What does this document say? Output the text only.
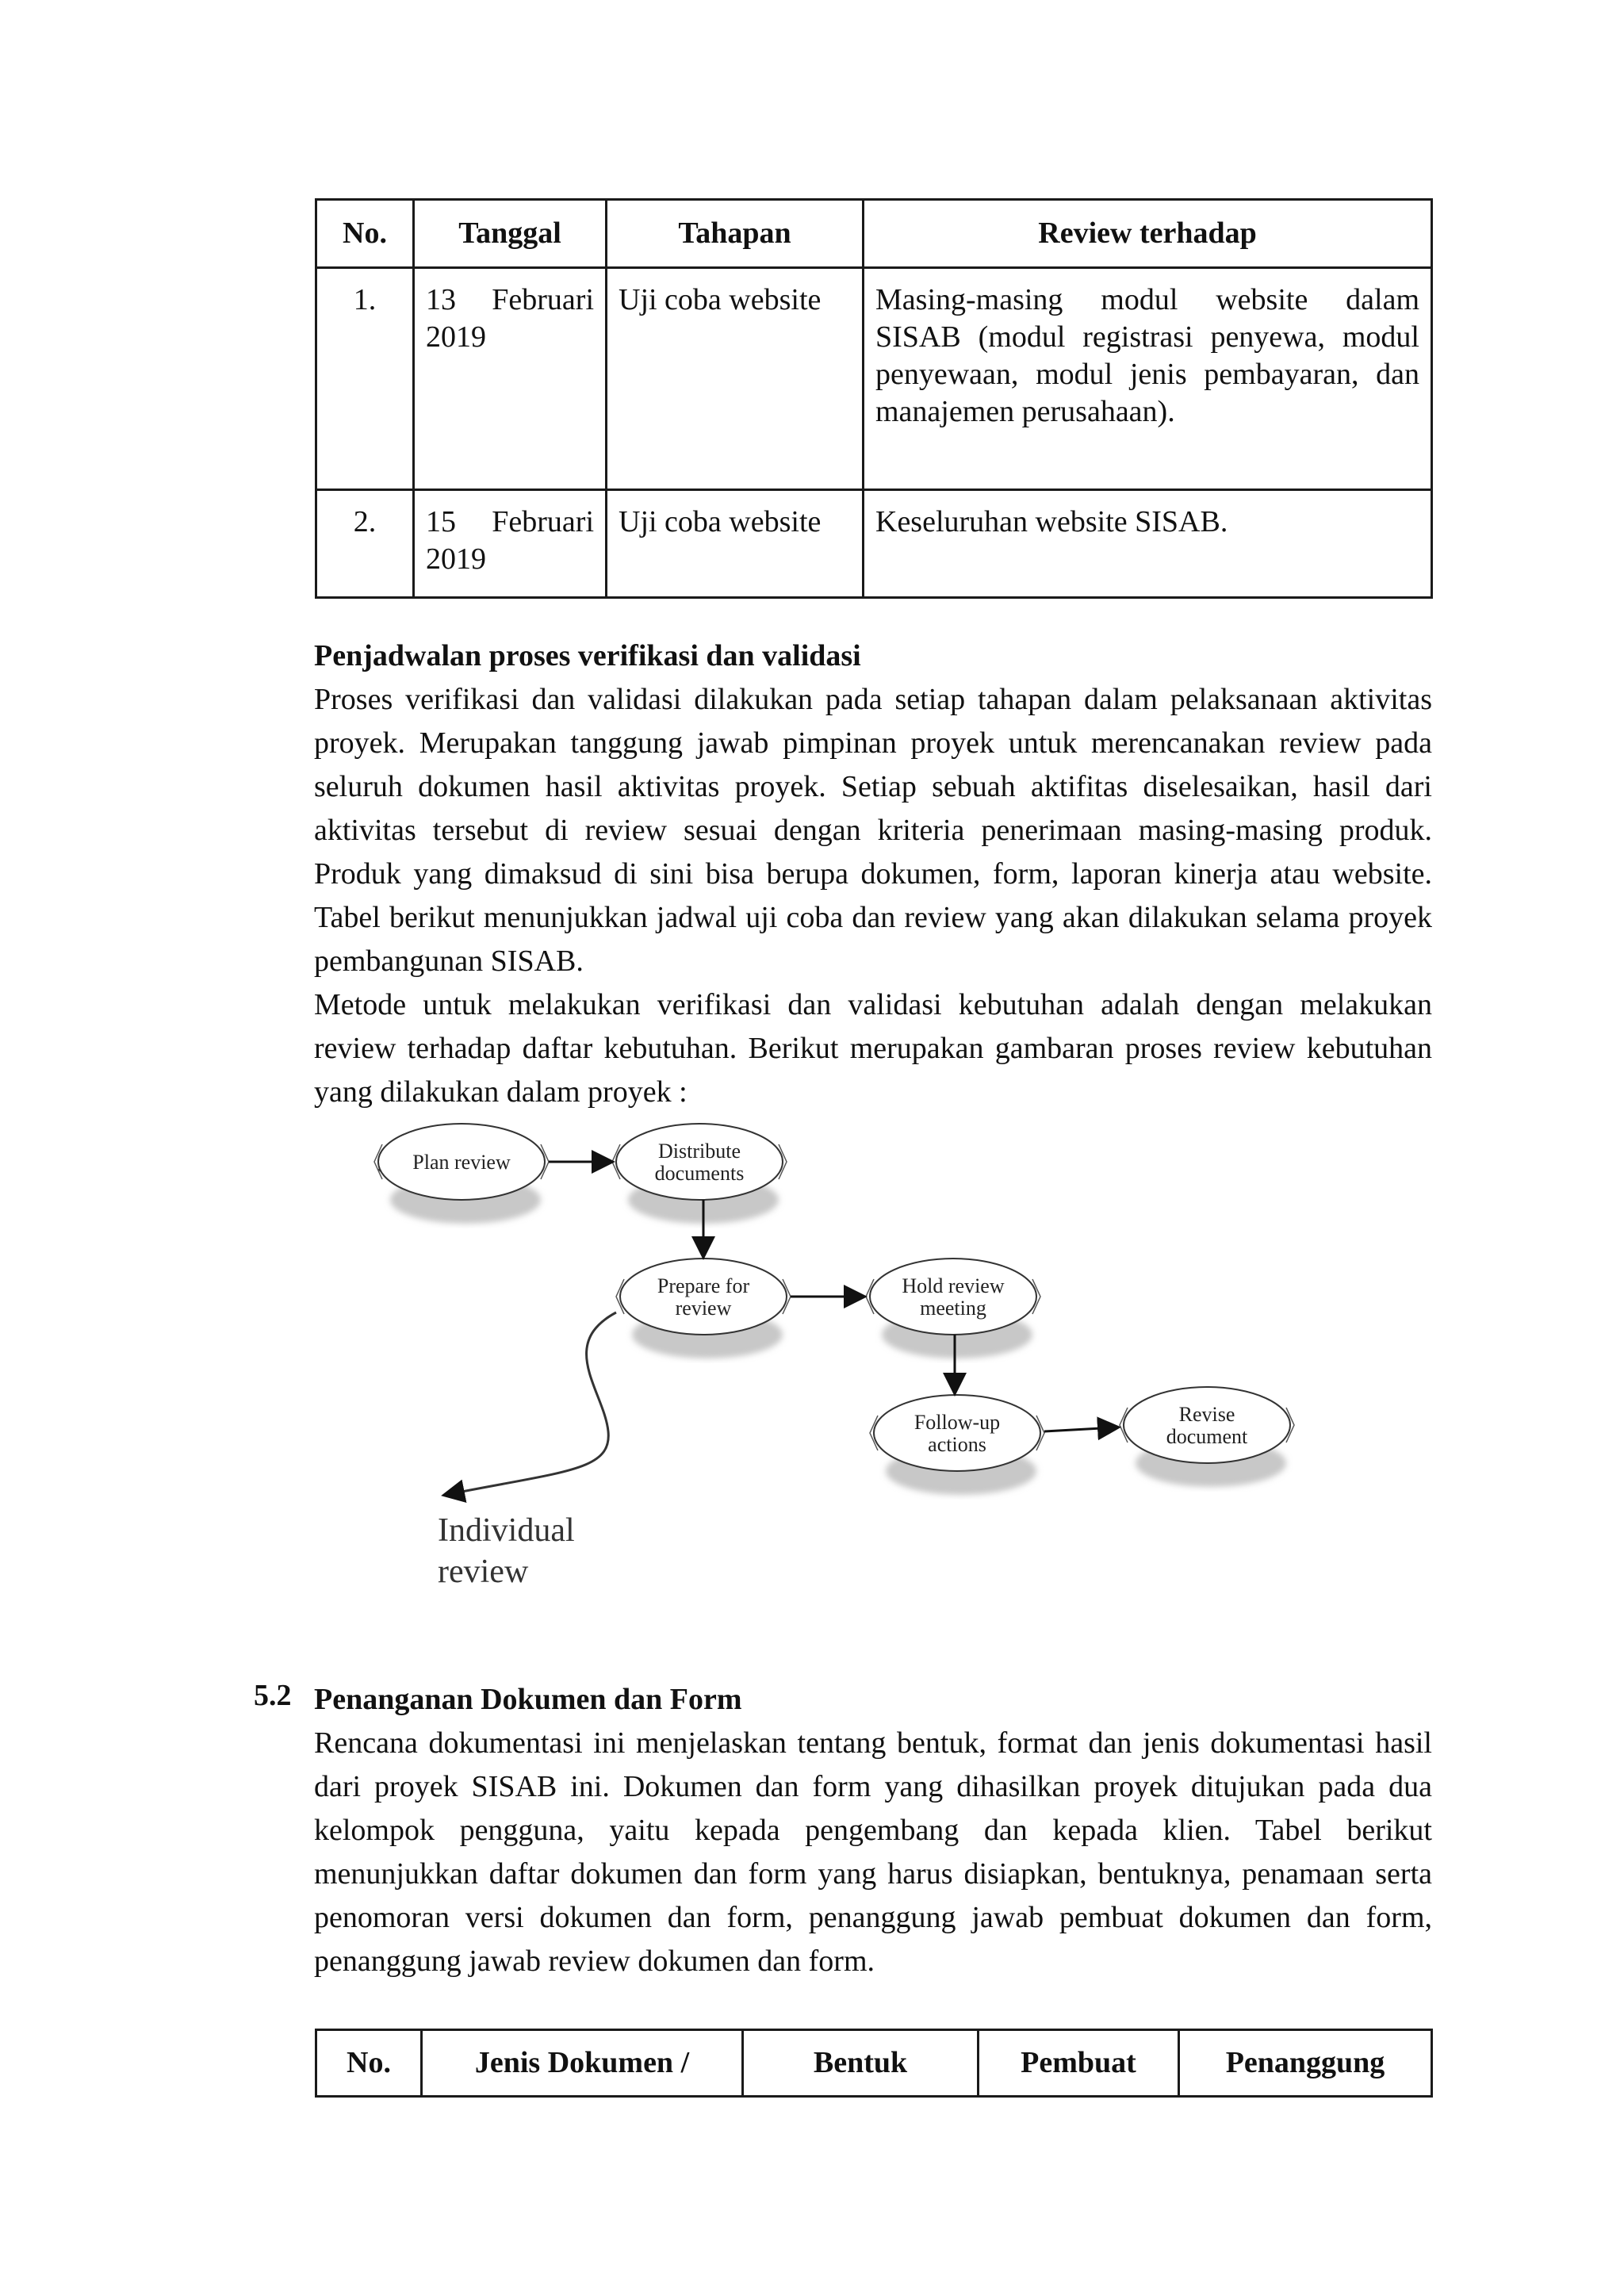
No.	Tanggal	Tahapan	Review terhadap
1.	13 Februari 2019	Uji coba website	Masing-masing modul website dalam SISAB (modul registrasi penyewa, modul penyewaan, modul jenis pembayaran, dan manajemen perusahaan).
2.	15 Februari 2019	Uji coba website	Keseluruhan website SISAB.
Penjadwalan proses verifikasi dan validasi

Proses verifikasi dan validasi dilakukan pada setiap tahapan dalam pelaksanaan aktivitas proyek. Merupakan tanggung jawab pimpinan proyek untuk merencanakan review pada seluruh dokumen hasil aktivitas proyek. Setiap sebuah aktifitas diselesaikan, hasil dari aktivitas tersebut di review sesuai dengan kriteria penerimaan masing-masing produk. Produk yang dimaksud di sini bisa berupa dokumen, form, laporan kinerja atau website. Tabel berikut menunjukkan jadwal uji coba dan review yang akan dilakukan selama proyek pembangunan SISAB.

Metode untuk melakukan verifikasi dan validasi kebutuhan adalah dengan melakukan review terhadap daftar kebutuhan. Berikut merupakan gambaran proses review kebutuhan yang dilakukan dalam proyek :

Plan review	Distribute
documents
Prepare for
review
Hold review
meeting
Follow-up
actions
Revise
document
Individual
review
5.2 Penanganan Dokumen dan Form

Rencana dokumentasi ini menjelaskan tentang bentuk, format dan jenis dokumentasi hasil dari proyek SISAB ini. Dokumen dan form yang dihasilkan proyek ditujukan pada dua kelompok pengguna, yaitu kepada pengembang dan kepada klien. Tabel berikut menunjukkan daftar dokumen dan form yang harus disiapkan, bentuknya, penamaan serta penomoran versi dokumen dan form, penanggung jawab pembuat dokumen dan form, penanggung jawab review dokumen dan form.

No.	Jenis Dokumen /	Bentuk	Pembuat	Penanggung
